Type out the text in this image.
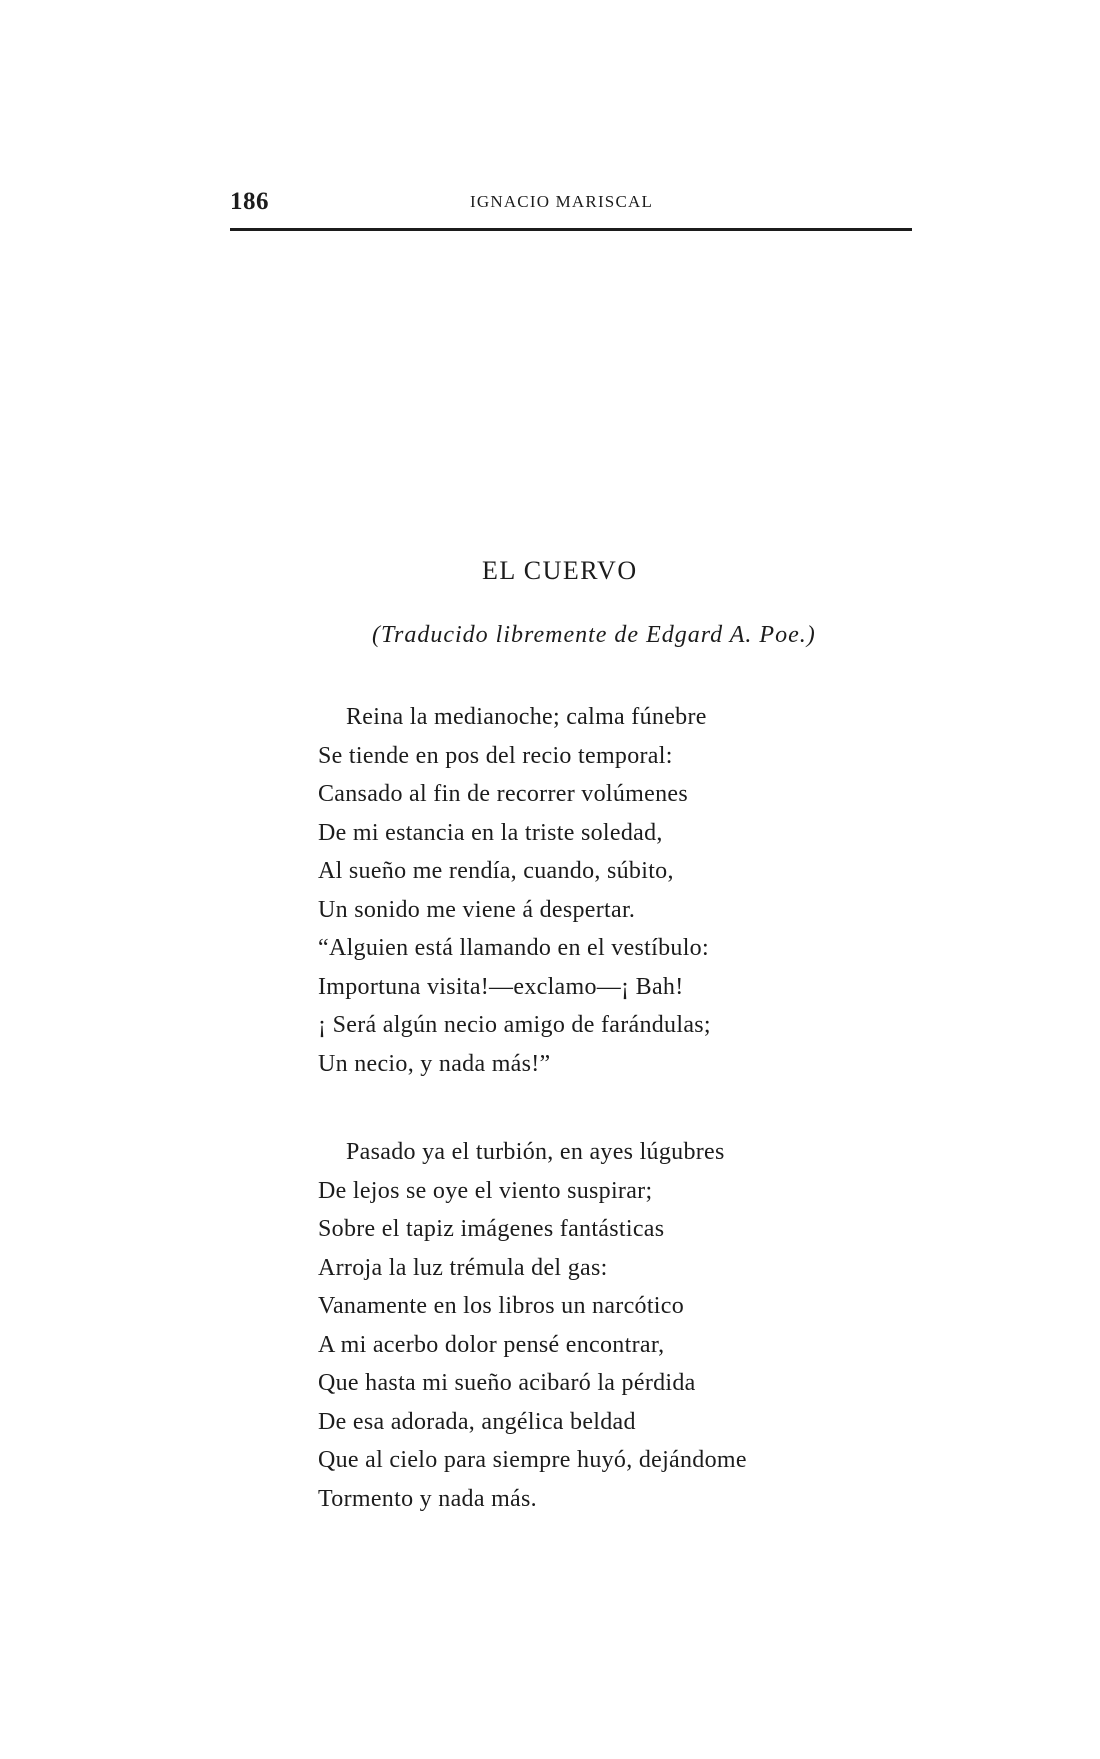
186	IGNACIO MARISCAL
EL CUERVO
(Traducido libremente de Edgard A. Poe.)
Reina la medianoche; calma fúnebre
Se tiende en pos del recio temporal:
Cansado al fin de recorrer volúmenes
De mi estancia en la triste soledad,
Al sueño me rendía, cuando, súbito,
Un sonido me viene á despertar.
“Alguien está llamando en el vestíbulo:
Importuna visita!—exclamo—¡ Bah!
¡ Será algún necio amigo de farándulas;
Un necio, y nada más!”
Pasado ya el turbión, en ayes lúgubres
De lejos se oye el viento suspirar;
Sobre el tapiz imágenes fantásticas
Arroja la luz trémula del gas:
Vanamente en los libros un narcótico
A mi acerbo dolor pensé encontrar,
Que hasta mi sueño acibaró la pérdida
De esa adorada, angélica beldad
Que al cielo para siempre huyó, dejándome
Tormento y nada más.
